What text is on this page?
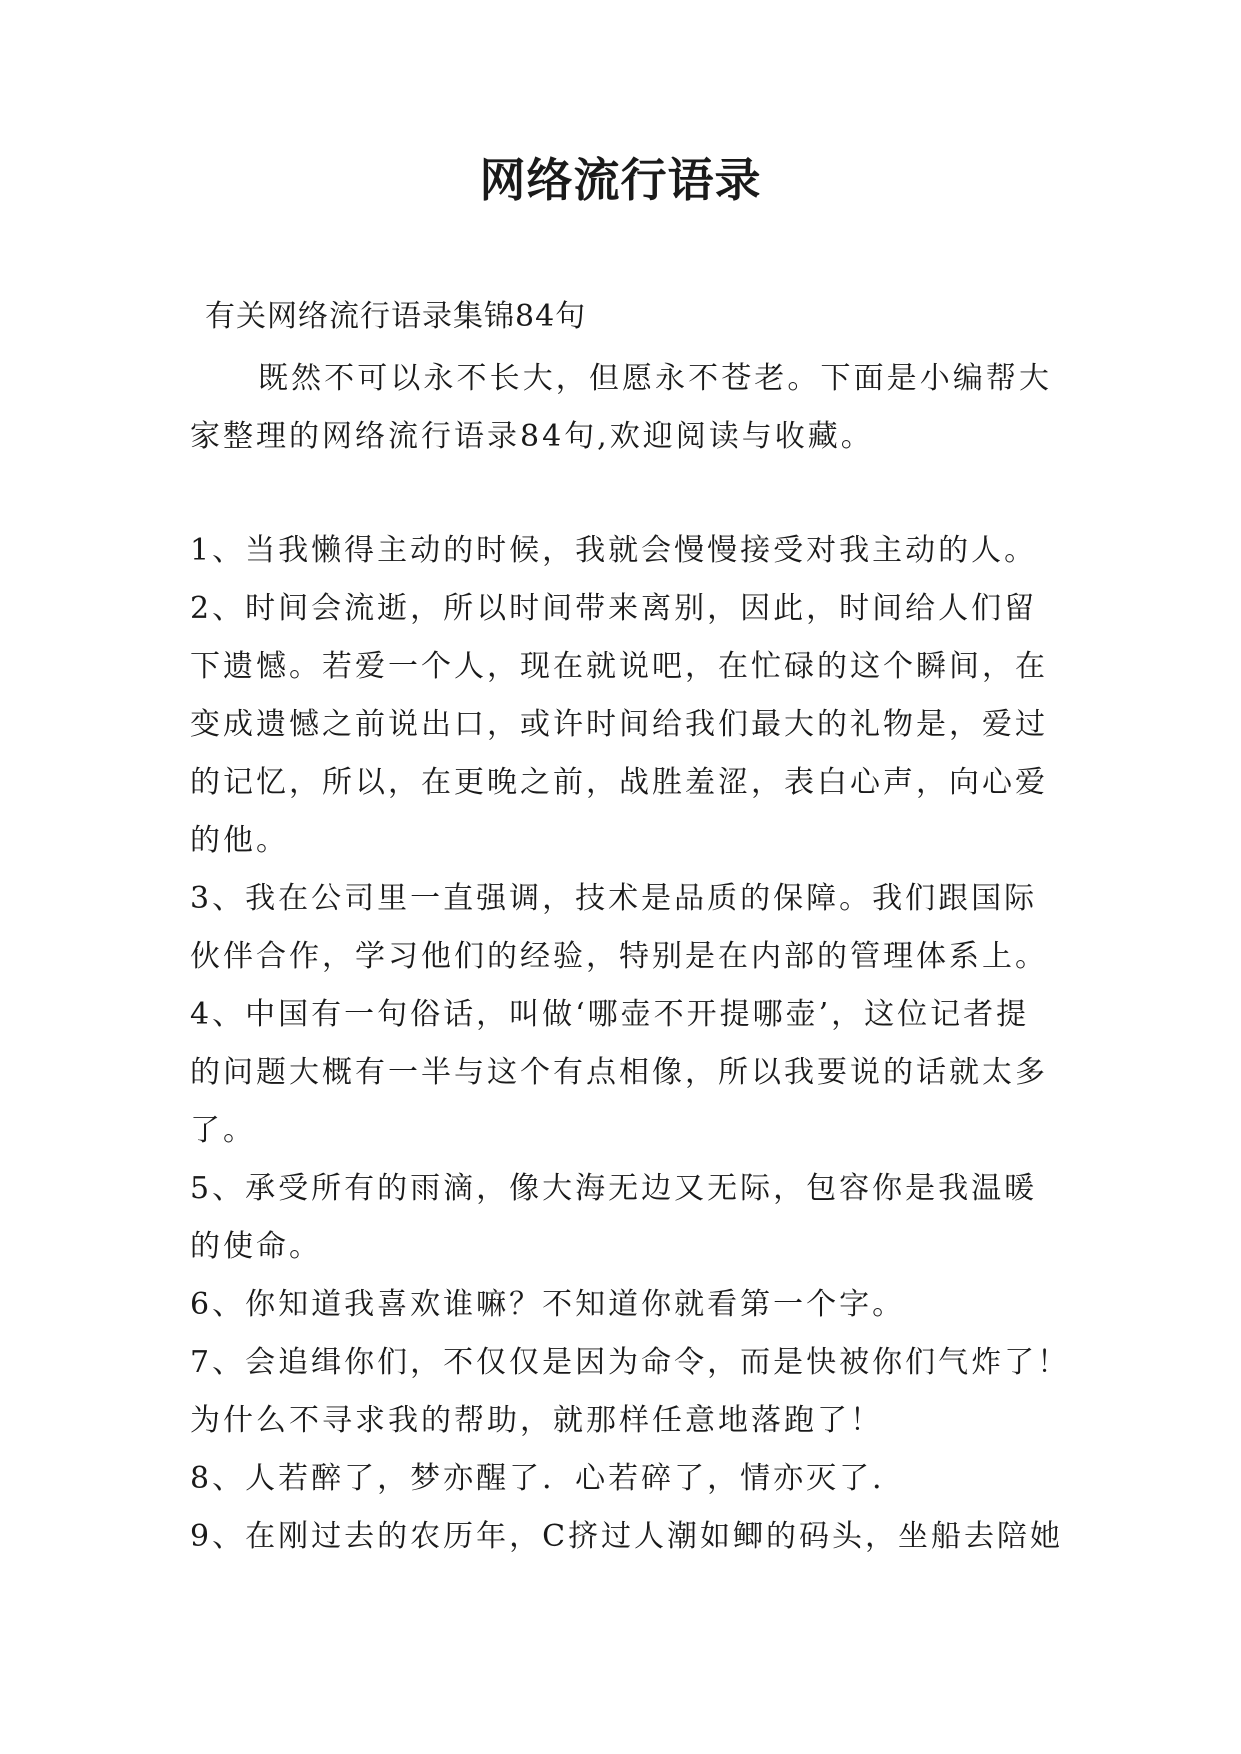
网络流行语录
有关网络流行语录集锦84句

既然不可以永不长大，但愿永不苍老。下面是小编帮大家整理的网络流行语录84句,欢迎阅读与收藏。

1、当我懒得主动的时候，我就会慢慢接受对我主动的人。
2、时间会流逝，所以时间带来离别，因此，时间给人们留
下遗憾。若爱一个人，现在就说吧，在忙碌的这个瞬间，在
变成遗憾之前说出口，或许时间给我们最大的礼物是，爱过
的记忆，所以，在更晚之前，战胜羞涩，表白心声，向心爱
的他。
3、我在公司里一直强调，技术是品质的保障。我们跟国际
伙伴合作，学习他们的经验，特别是在内部的管理体系上。
4、中国有一句俗话，叫做‘哪壶不开提哪壶’，这位记者提
的问题大概有一半与这个有点相像，所以我要说的话就太多
了。
5、承受所有的雨滴，像大海无边又无际，包容你是我温暖
的使命。
6、你知道我喜欢谁嘛？不知道你就看第一个字。
7、会追缉你们，不仅仅是因为命令，而是快被你们气炸了！
为什么不寻求我的帮助，就那样任意地落跑了！
8、人若醉了，梦亦醒了．心若碎了，情亦灭了．
9、在刚过去的农历年，C挤过人潮如鲫的码头，坐船去陪她
